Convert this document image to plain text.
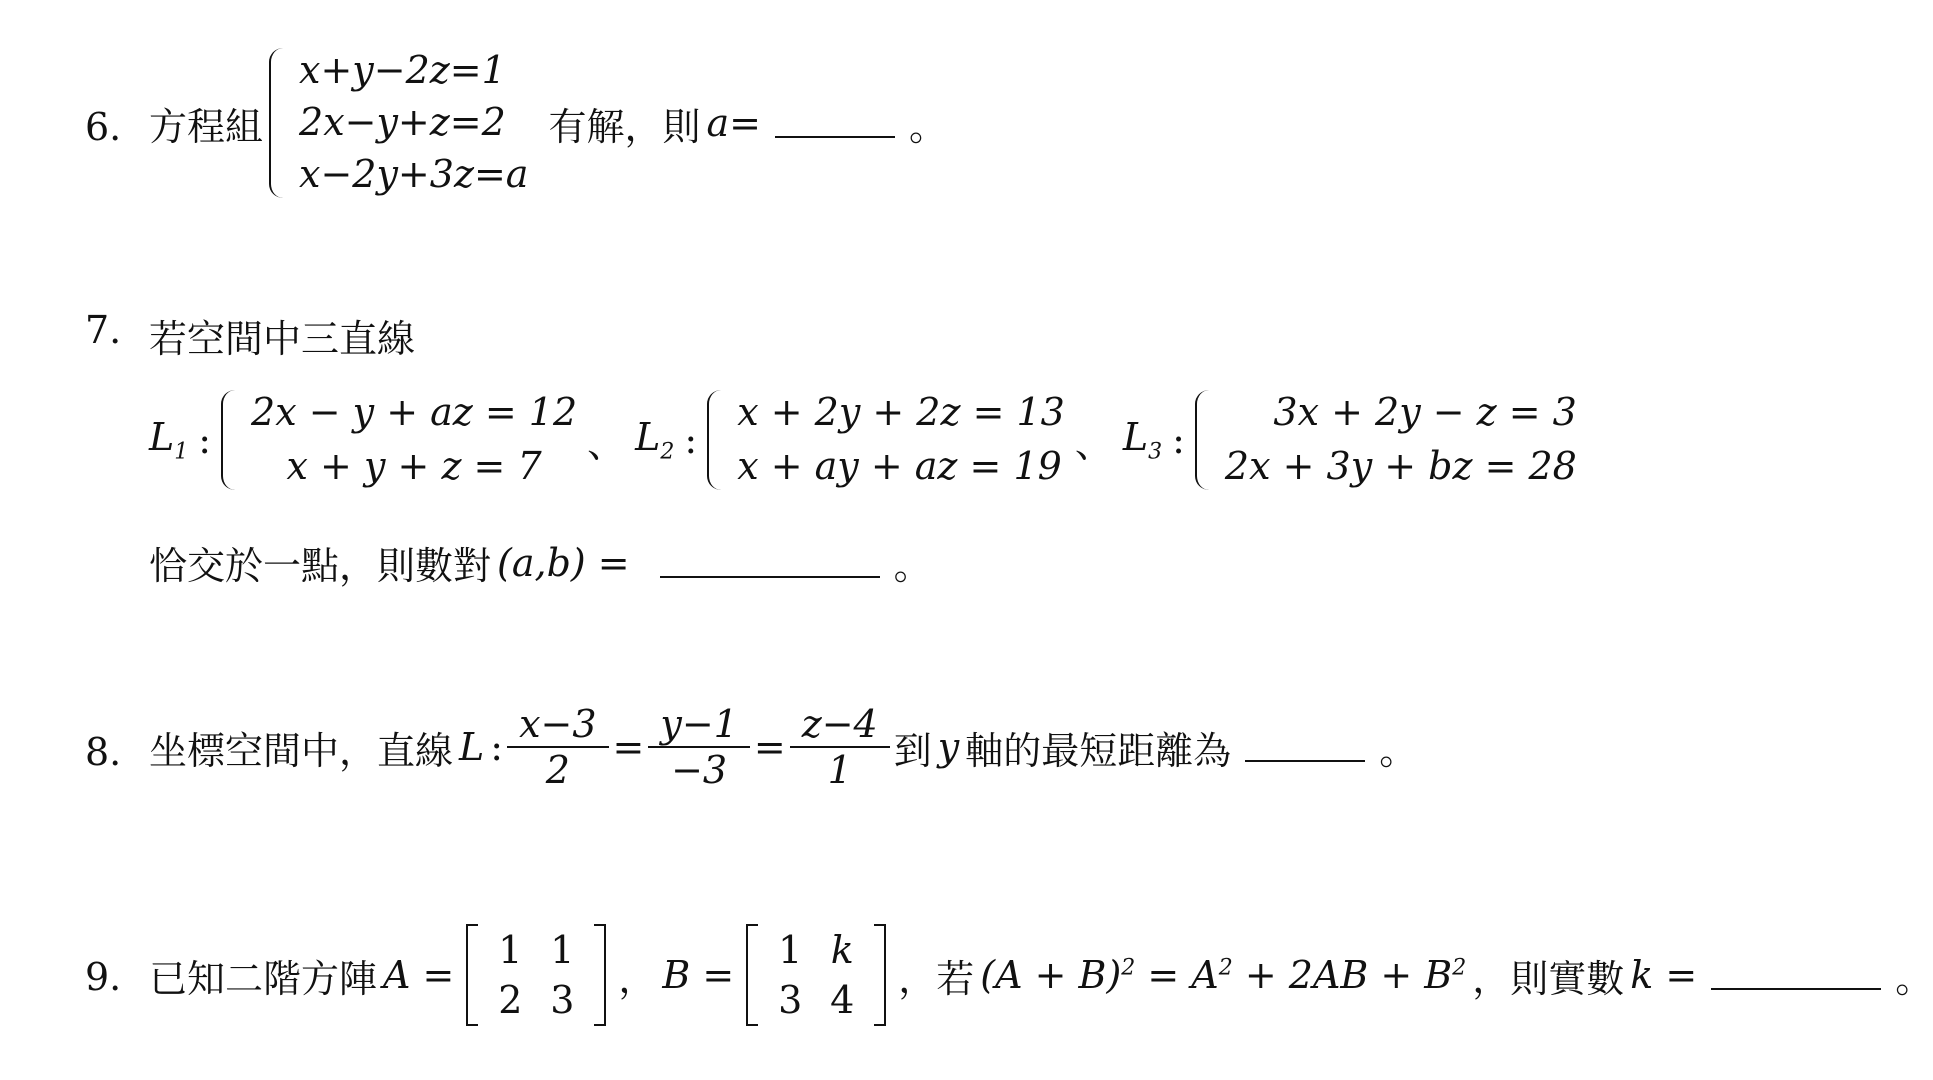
6. 方程組
x+y−2z=1
2x−y+z=2
x−2y+3z=a
有解，則 a=	。
7. 若空間中三直線
$L_1$ :
2x − y + az = 12
x + y + z = 7
、 $L_2$ :
x + 2y + 2z = 13
x + ay + az = 19
、 $L_3$ :
3x + 2y − z = 3
2x + 3y + bz = 28
恰交於一點，則數對 (a,b) =	。
8. 坐標空間中，直線 L : $\frac{x-3}{2} = \frac{y-1}{-3} = \frac{z-4}{1}$ 到 y 軸的最短距離為	。
9. 已知二階方陣 A =
1 1
2 3	， B =
1 k
3 4	，若 $(A + B)^2 = A^2 + 2AB + B^2$ ，則實數 k =	。
